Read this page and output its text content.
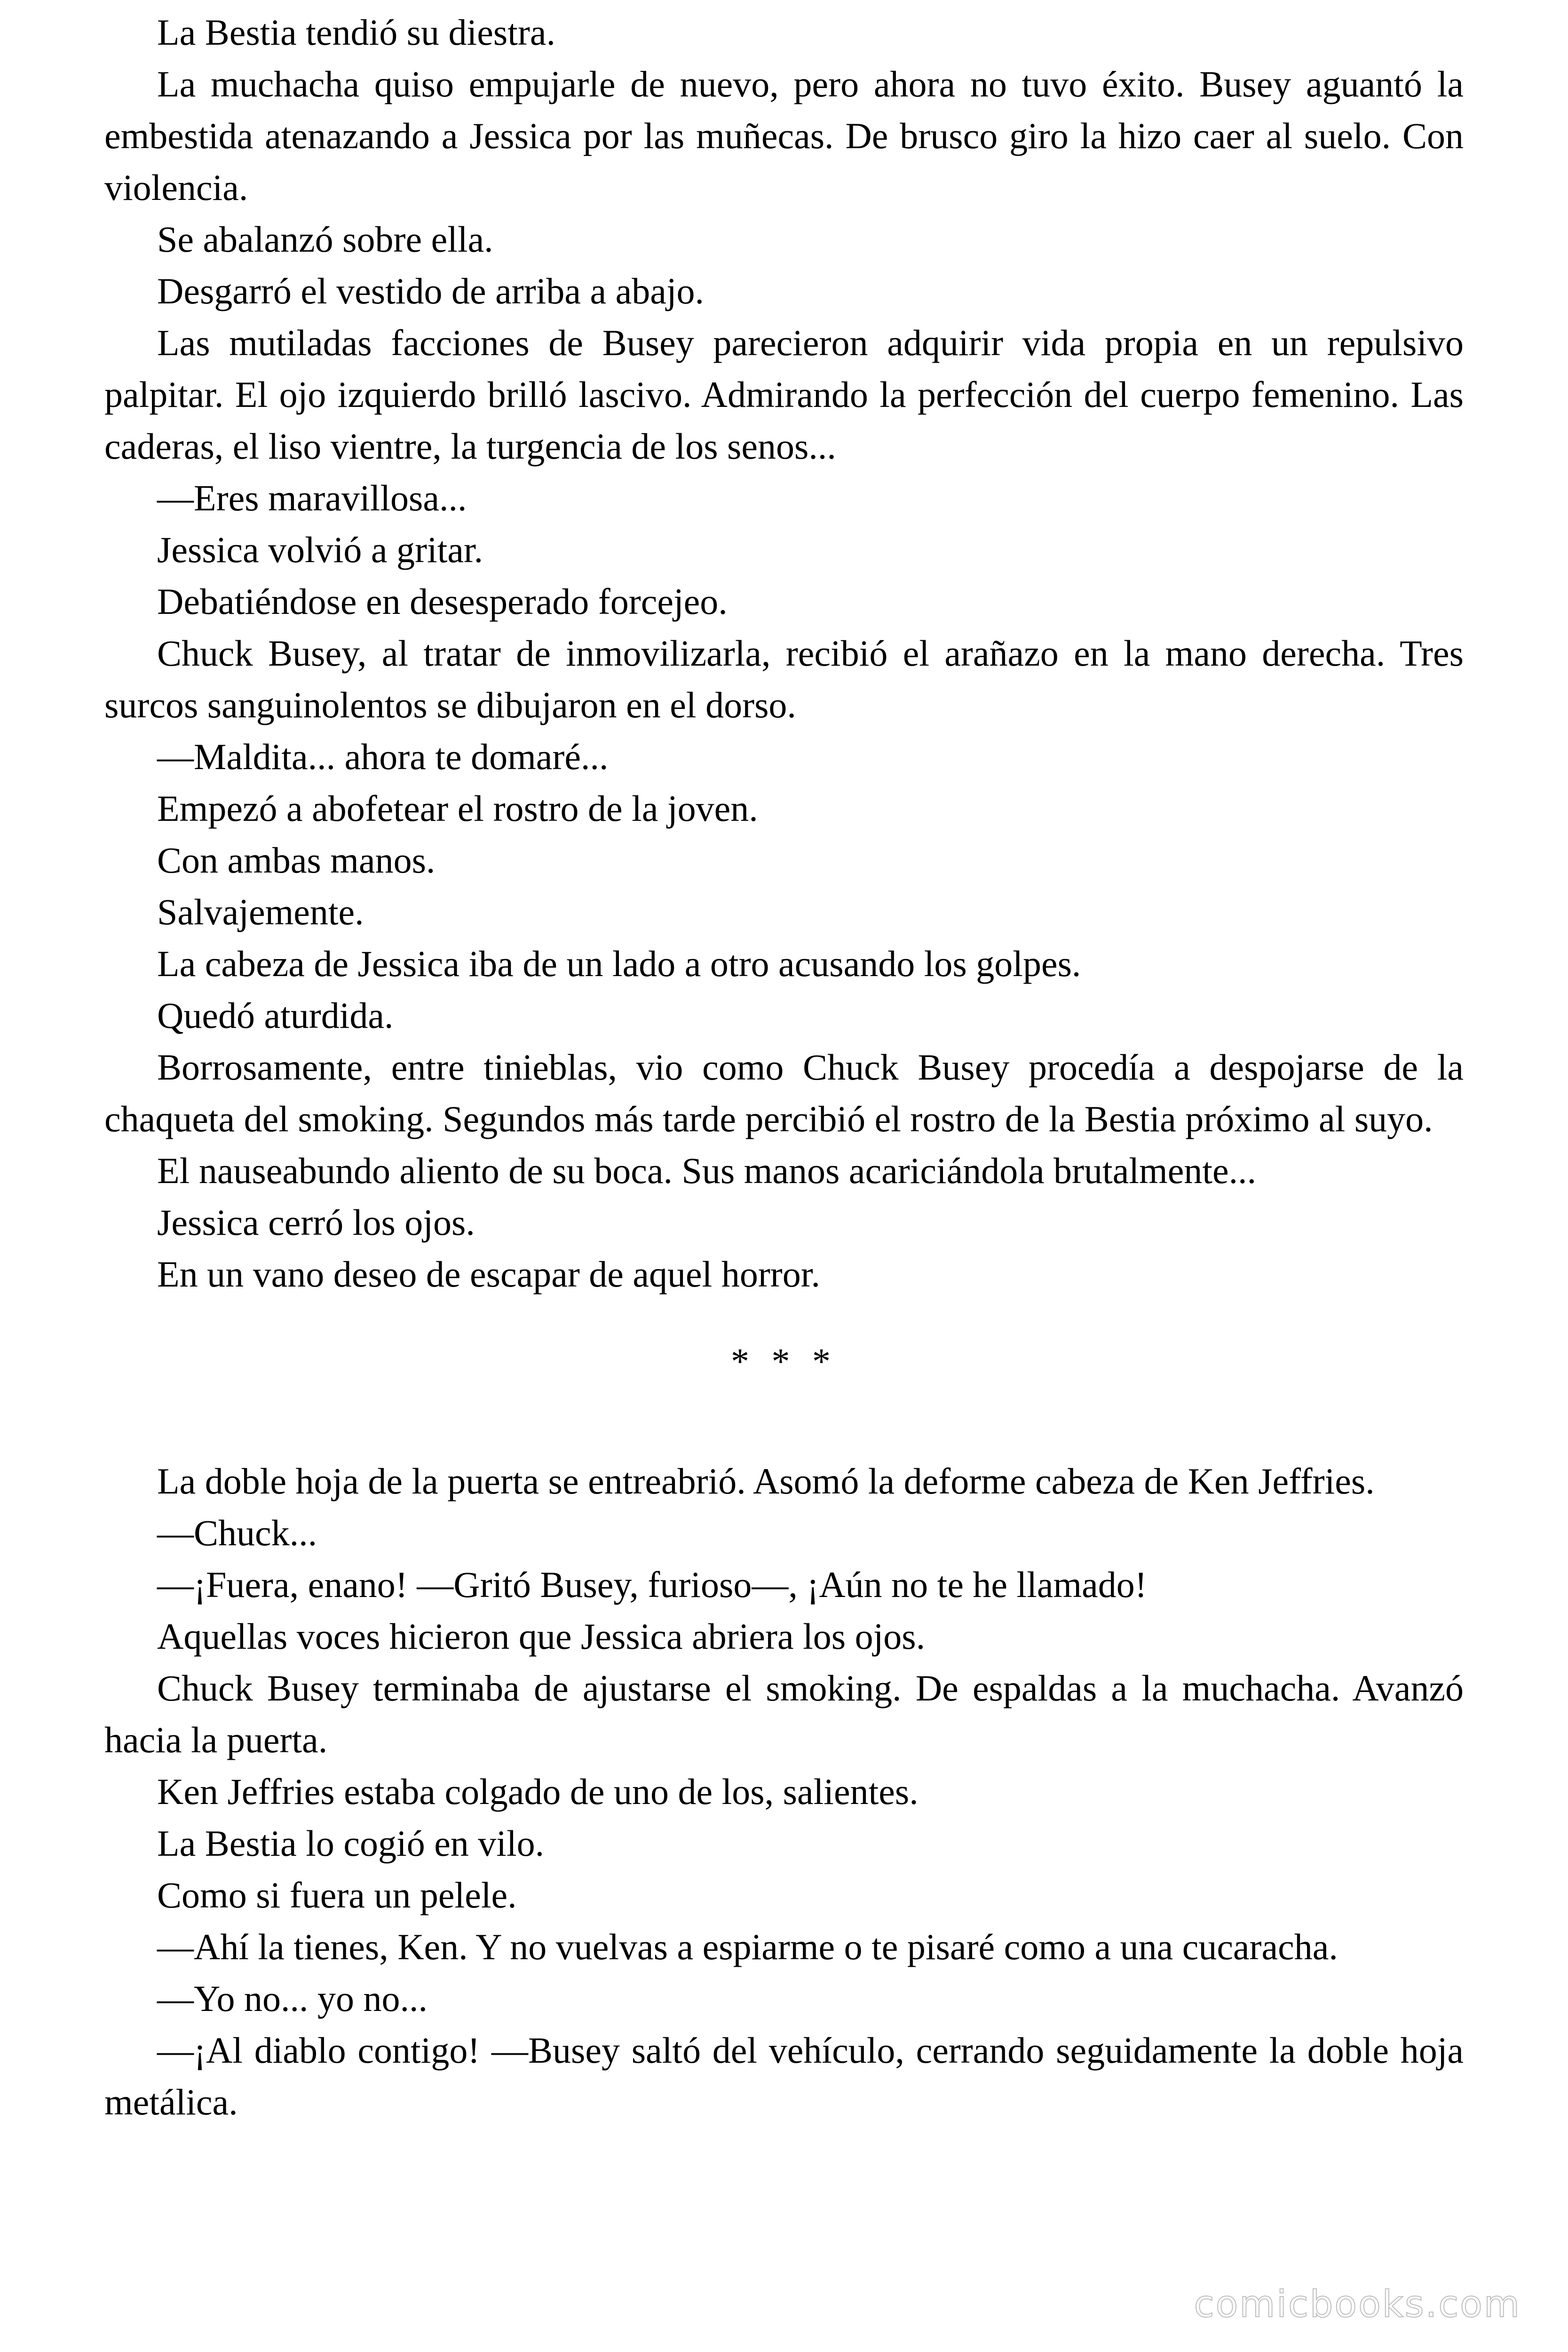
La Bestia tendió su diestra.

La muchacha quiso empujarle de nuevo, pero ahora no tuvo éxito. Busey aguantó la embestida atenazando a Jessica por las muñecas. De brusco giro la hizo caer al suelo. Con violencia.

Se abalanzó sobre ella.

Desgarró el vestido de arriba a abajo.

Las mutiladas facciones de Busey parecieron adquirir vida propia en un repulsivo palpitar. El ojo izquierdo brilló lascivo. Admirando la perfección del cuerpo femenino. Las caderas, el liso vientre, la turgencia de los senos...

—Eres maravillosa...

Jessica volvió a gritar.

Debatiéndose en desesperado forcejeo.

Chuck Busey, al tratar de inmovilizarla, recibió el arañazo en la mano derecha. Tres surcos sanguinolentos se dibujaron en el dorso.

—Maldita... ahora te domaré...

Empezó a abofetear el rostro de la joven.

Con ambas manos.

Salvajemente.

La cabeza de Jessica iba de un lado a otro acusando los golpes.

Quedó aturdida.

Borrosamente, entre tinieblas, vio como Chuck Busey procedía a despojarse de la chaqueta del smoking. Segundos más tarde percibió el rostro de la Bestia próximo al suyo.

El nauseabundo aliento de su boca. Sus manos acariciándola brutalmente...

Jessica cerró los ojos.

En un vano deseo de escapar de aquel horror.

* * *

La doble hoja de la puerta se entreabrió. Asomó la deforme cabeza de Ken Jeffries.

—Chuck...

—¡Fuera, enano! —Gritó Busey, furioso—, ¡Aún no te he llamado!

Aquellas voces hicieron que Jessica abriera los ojos.

Chuck Busey terminaba de ajustarse el smoking. De espaldas a la muchacha. Avanzó hacia la puerta.

Ken Jeffries estaba colgado de uno de los, salientes.

La Bestia lo cogió en vilo.

Como si fuera un pelele.

—Ahí la tienes, Ken. Y no vuelvas a espiarme o te pisaré como a una cucaracha.

—Yo no... yo no...

—¡Al diablo contigo! —Busey saltó del vehículo, cerrando seguidamente la doble hoja metálica.

comicbooks.com
